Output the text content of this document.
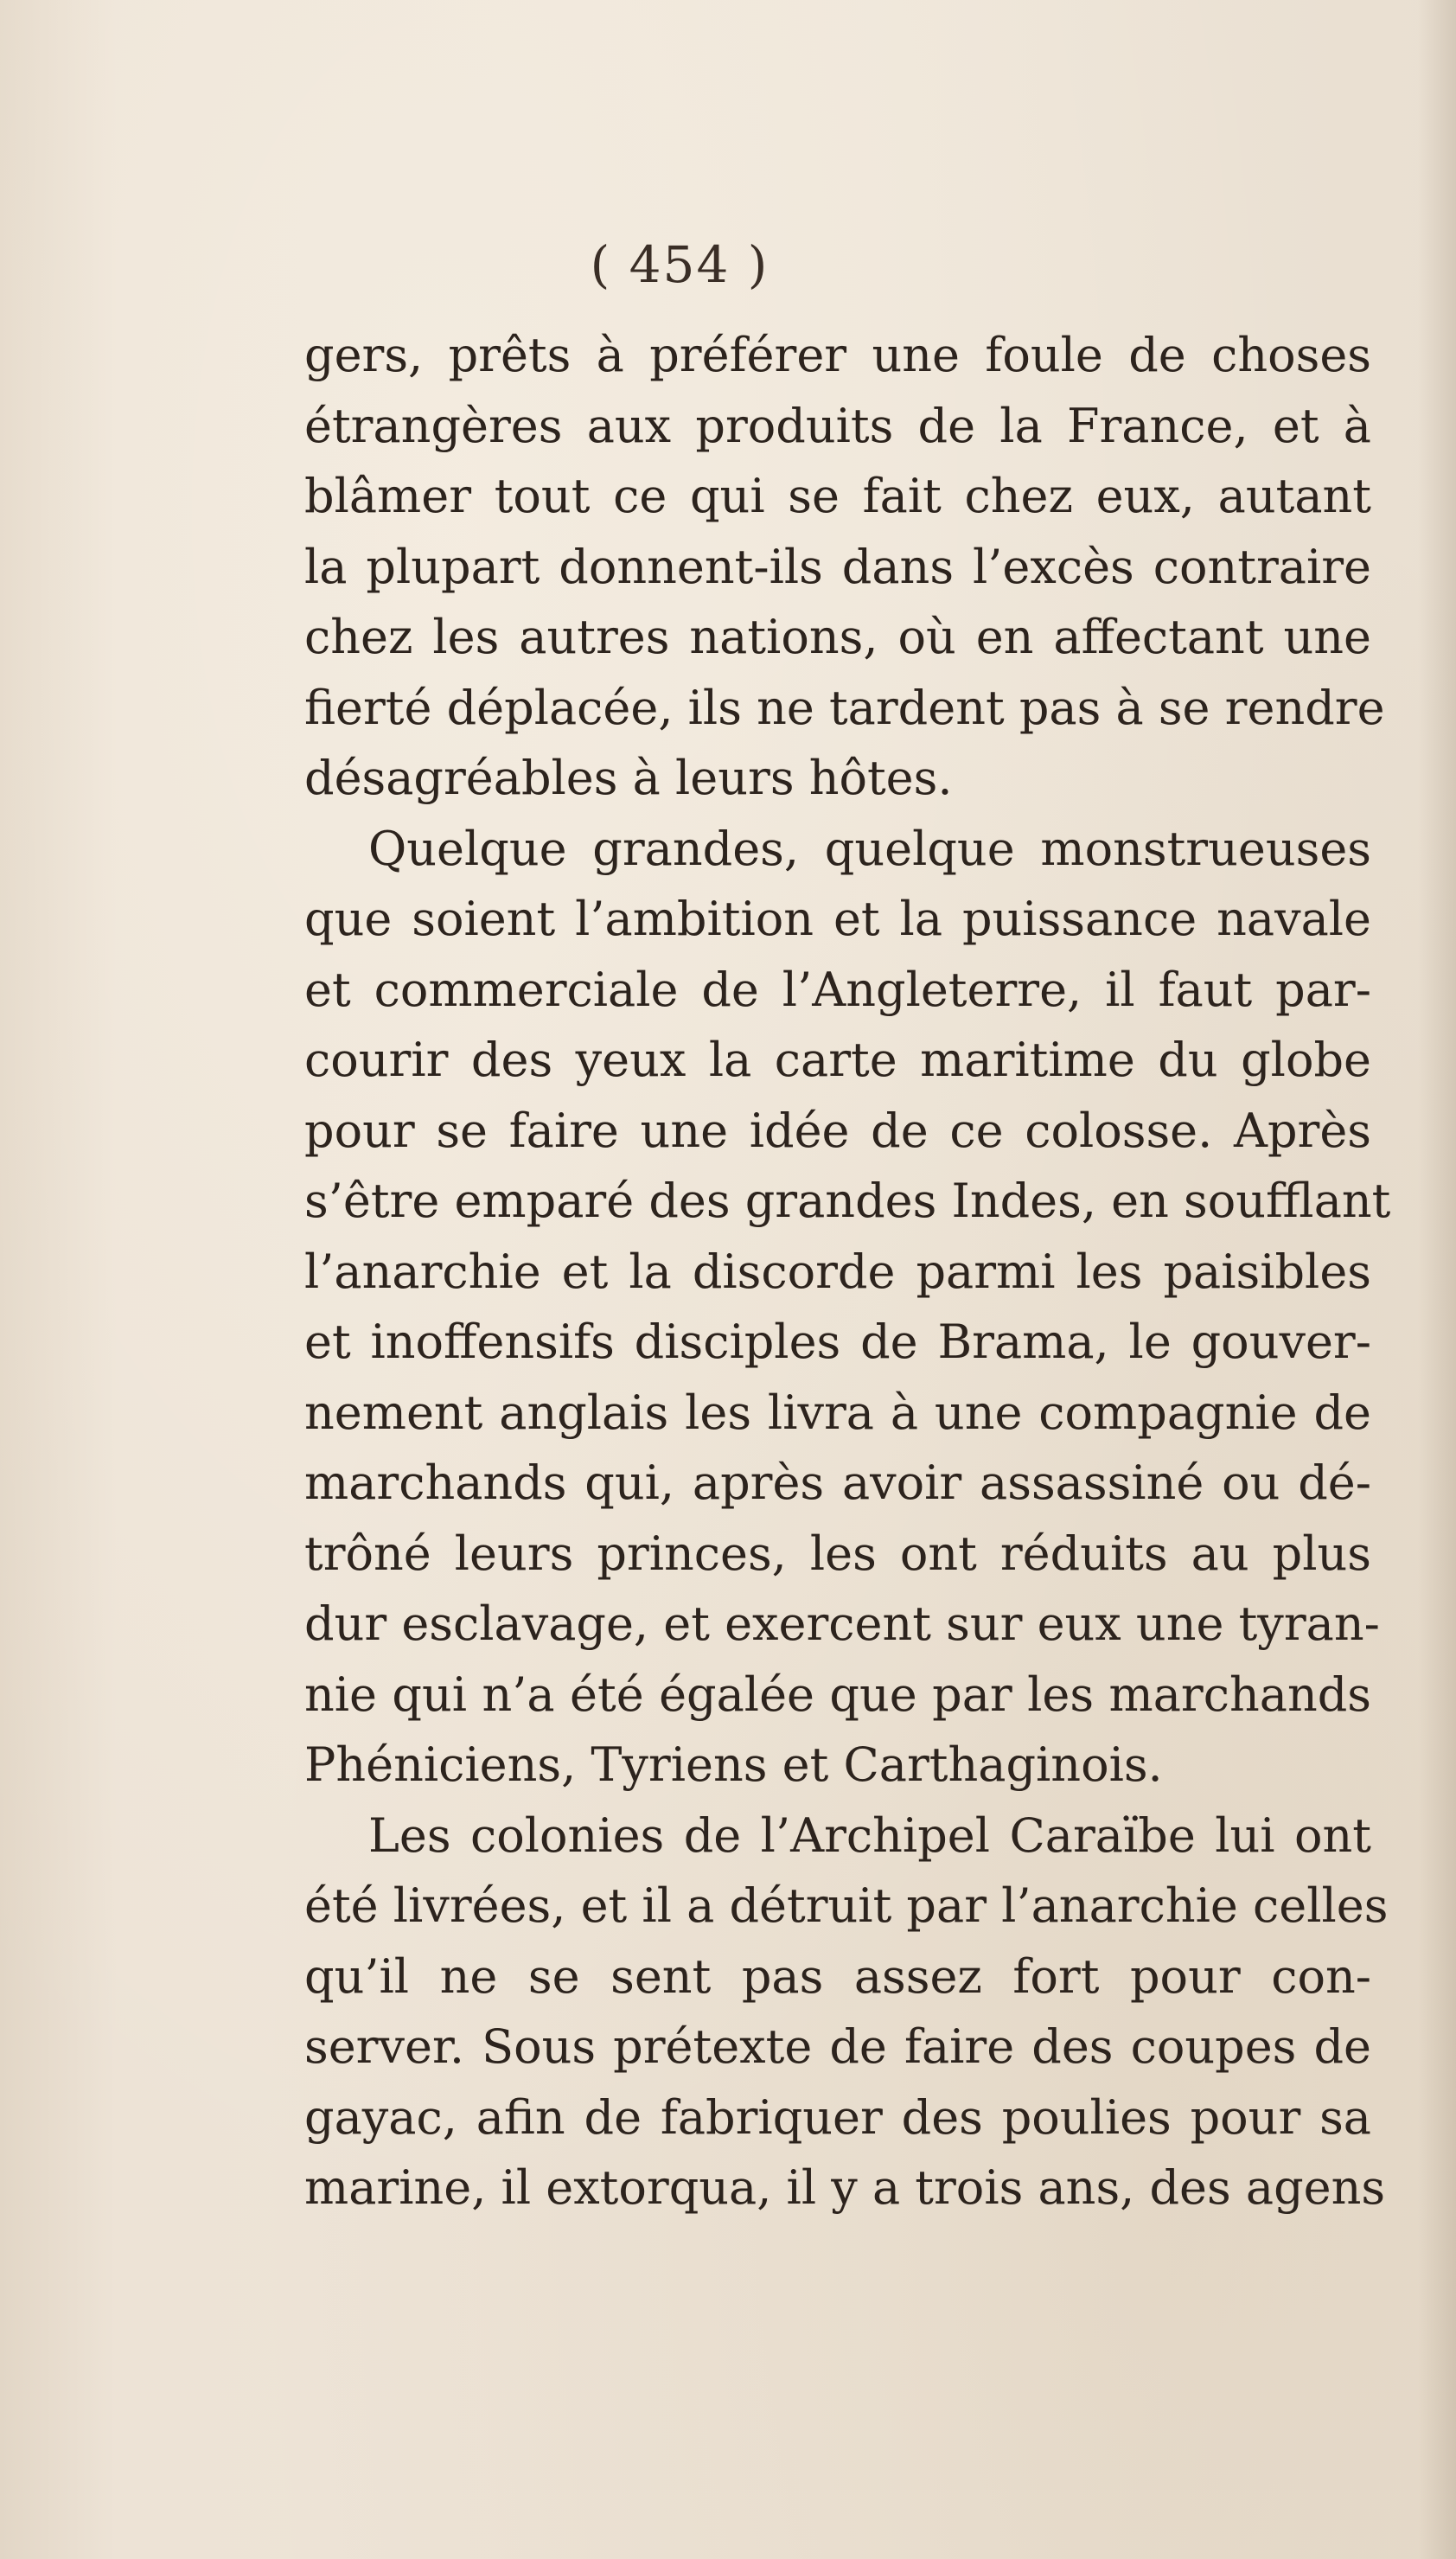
( 454 )
gers, prêts à préférer une foule de choses
étrangères aux produits de la France, et à
blâmer tout ce qui se fait chez eux, autant
la plupart donnent-ils dans l’excès contraire
chez les autres nations, où en affectant une
fierté déplacée, ils ne tardent pas à se rendre
désagréables à leurs hôtes.
Quelque grandes, quelque monstrueuses
que soient l’ambition et la puissance navale
et commerciale de l’Angleterre, il faut par-
courir des yeux la carte maritime du globe
pour se faire une idée de ce colosse. Après
s’être emparé des grandes Indes, en soufflant
l’anarchie et la discorde parmi les paisibles
et inoffensifs disciples de Brama, le gouver-
nement anglais les livra à une compagnie de
marchands qui, après avoir assassiné ou dé-
trôné leurs princes, les ont réduits au plus
dur esclavage, et exercent sur eux une tyran-
nie qui n’a été égalée que par les marchands
Phéniciens, Tyriens et Carthaginois.
Les colonies de l’Archipel Caraïbe lui ont
été livrées, et il a détruit par l’anarchie celles
qu’il ne se sent pas assez fort pour con-
server. Sous prétexte de faire des coupes de
gayac, afin de fabriquer des poulies pour sa
marine, il extorqua, il y a trois ans, des agens
